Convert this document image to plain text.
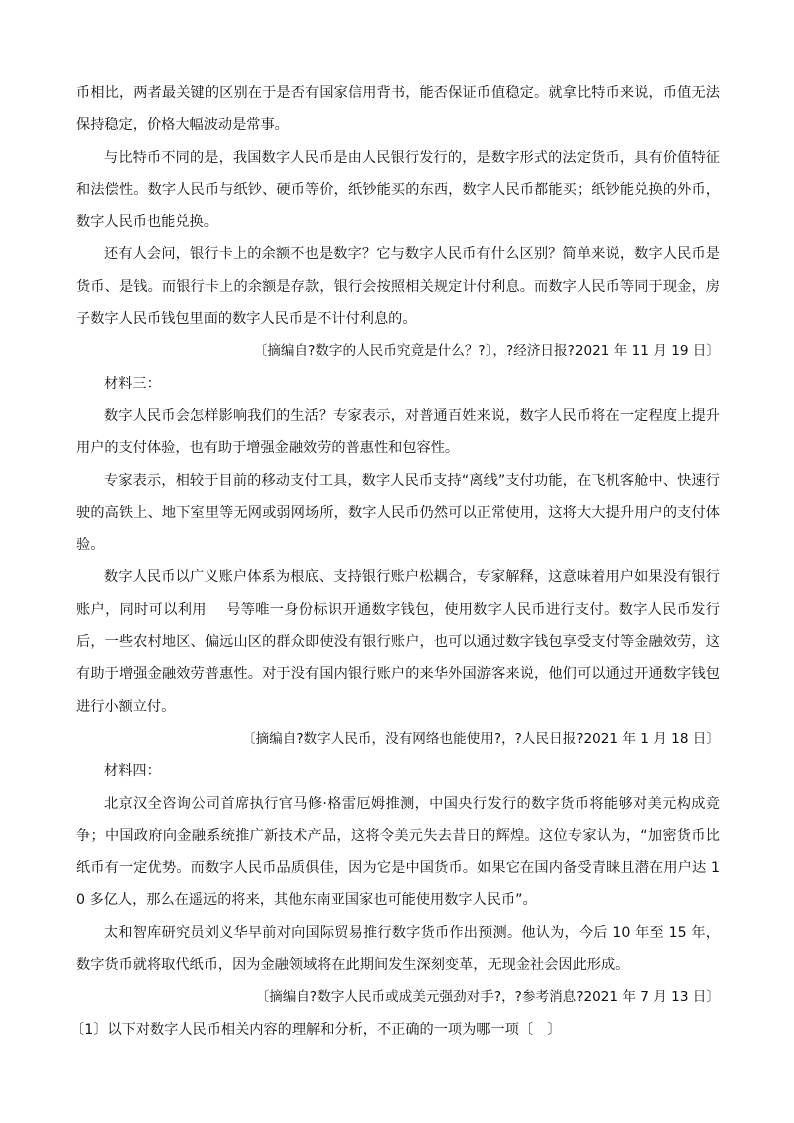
币相比，两者最关键的区别在于是否有国家信用背书，能否保证币值稳定。就拿比特币来说，币值无法保持稳定，价格大幅波动是常事。

与比特币不同的是，我国数字人民币是由人民银行发行的，是数字形式的法定货币，具有价值特征和法偿性。数字人民币与纸钞、硬币等价，纸钞能买的东西，数字人民币都能买；纸钞能兑换的外币，数字人民币也能兑换。

还有人会问，银行卡上的余额不也是数字？它与数字人民币有什么区别？简单来说，数字人民币是货币、是钱。而银行卡上的余额是存款，银行会按照相关规定计付利息。而数字人民币等同于现金，房子数字人民币钱包里面的数字人民币是不计付利息的。

〔摘编自?数字的人民币究竟是什么？?〕，?经济日报?2021 年 11 月 19 日〕

材料三：

数字人民币会怎样影响我们的生活？专家表示，对普通百姓来说，数字人民币将在一定程度上提升用户的支付体验，也有助于增强金融效劳的普惠性和包容性。

专家表示，相较于目前的移动支付工具，数字人民币支持“离线”支付功能，在飞机客舱中、快速行驶的高铁上、地下室里等无网或弱网场所，数字人民币仍然可以正常使用，这将大大提升用户的支付体验。

数字人民币以广义账户体系为根底、支持银行账户松耦合，专家解释，这意味着用户如果没有银行账户，同时可以利用　 号等唯一身份标识开通数字钱包，使用数字人民币进行支付。数字人民币发行后，一些农村地区、偏远山区的群众即使没有银行账户，也可以通过数字钱包享受支付等金融效劳，这有助于增强金融效劳普惠性。对于没有国内银行账户的来华外国游客来说，他们可以通过开通数字钱包进行小额立付。

〔摘编自?数字人民币，没有网络也能使用?，?人民日报?2021 年 1 月 18 日〕

材料四：

北京汉全咨询公司首席执行官马修·格雷厄姆推测，中国央行发行的数字货币将能够对美元构成竞争；中国政府向金融系统推广新技术产品，这将令美元失去昔日的辉煌。这位专家认为，“加密货币比纸币有一定优势。而数字人民币品质俱佳，因为它是中国货币。如果它在国内备受青睐且潜在用户达 10 多亿人，那么在遥远的将来，其他东南亚国家也可能使用数字人民币”。

太和智库研究员刘义华早前对向国际贸易推行数字货币作出预测。他认为，今后 10 年至 15 年，数字货币就将取代纸币，因为金融领域将在此期间发生深刻变革，无现金社会因此形成。

〔摘编自?数字人民币或成美元强劲对手?，?参考消息?2021 年 7 月 13 日〕

〔1〕以下对数字人民币相关内容的理解和分析，不正确的一项为哪一项〔　〕
